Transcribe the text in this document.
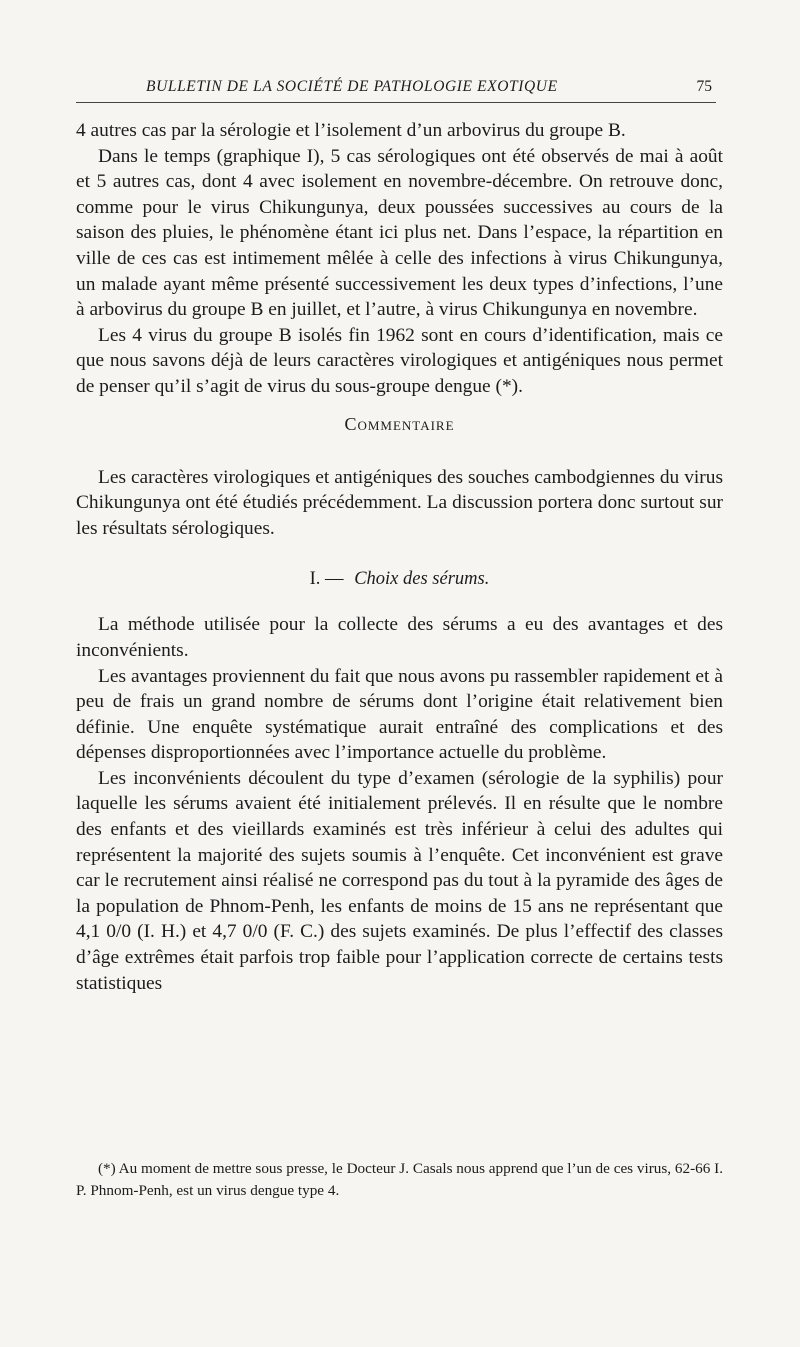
BULLETIN DE LA SOCIÉTÉ DE PATHOLOGIE EXOTIQUE	75

4 autres cas par la sérologie et l’isolement d’un arbovirus du groupe B.

Dans le temps (graphique I), 5 cas sérologiques ont été observés de mai à août et 5 autres cas, dont 4 avec isolement en novembre-décembre. On retrouve donc, comme pour le virus Chikungunya, deux poussées successives au cours de la saison des pluies, le phénomène étant ici plus net. Dans l’espace, la répartition en ville de ces cas est intimement mêlée à celle des infections à virus Chikungunya, un malade ayant même présenté successivement les deux types d’infections, l’une à arbovirus du groupe B en juillet, et l’autre, à virus Chikungunya en novembre.

Les 4 virus du groupe B isolés fin 1962 sont en cours d’identification, mais ce que nous savons déjà de leurs caractères virologiques et antigéniques nous permet de penser qu’il s’agit de virus du sous-groupe dengue (*).

Commentaire

Les caractères virologiques et antigéniques des souches cambodgiennes du virus Chikungunya ont été étudiés précédemment. La discussion portera donc surtout sur les résultats sérologiques.

I. — Choix des sérums.

La méthode utilisée pour la collecte des sérums a eu des avantages et des inconvénients.

Les avantages proviennent du fait que nous avons pu rassembler rapidement et à peu de frais un grand nombre de sérums dont l’origine était relativement bien définie. Une enquête systématique aurait entraîné des complications et des dépenses disproportionnées avec l’importance actuelle du problème.

Les inconvénients découlent du type d’examen (sérologie de la syphilis) pour laquelle les sérums avaient été initialement prélevés. Il en résulte que le nombre des enfants et des vieillards examinés est très inférieur à celui des adultes qui représentent la majorité des sujets soumis à l’enquête. Cet inconvénient est grave car le recrutement ainsi réalisé ne correspond pas du tout à la pyramide des âges de la population de Phnom-Penh, les enfants de moins de 15 ans ne représentant que 4,1 0/0 (I. H.) et 4,7 0/0 (F. C.) des sujets examinés. De plus l’effectif des classes d’âge extrêmes était parfois trop faible pour l’application correcte de certains tests statistiques

(*) Au moment de mettre sous presse, le Docteur J. Casals nous apprend que l’un de ces virus, 62-66 I. P. Phnom-Penh, est un virus dengue type 4.
